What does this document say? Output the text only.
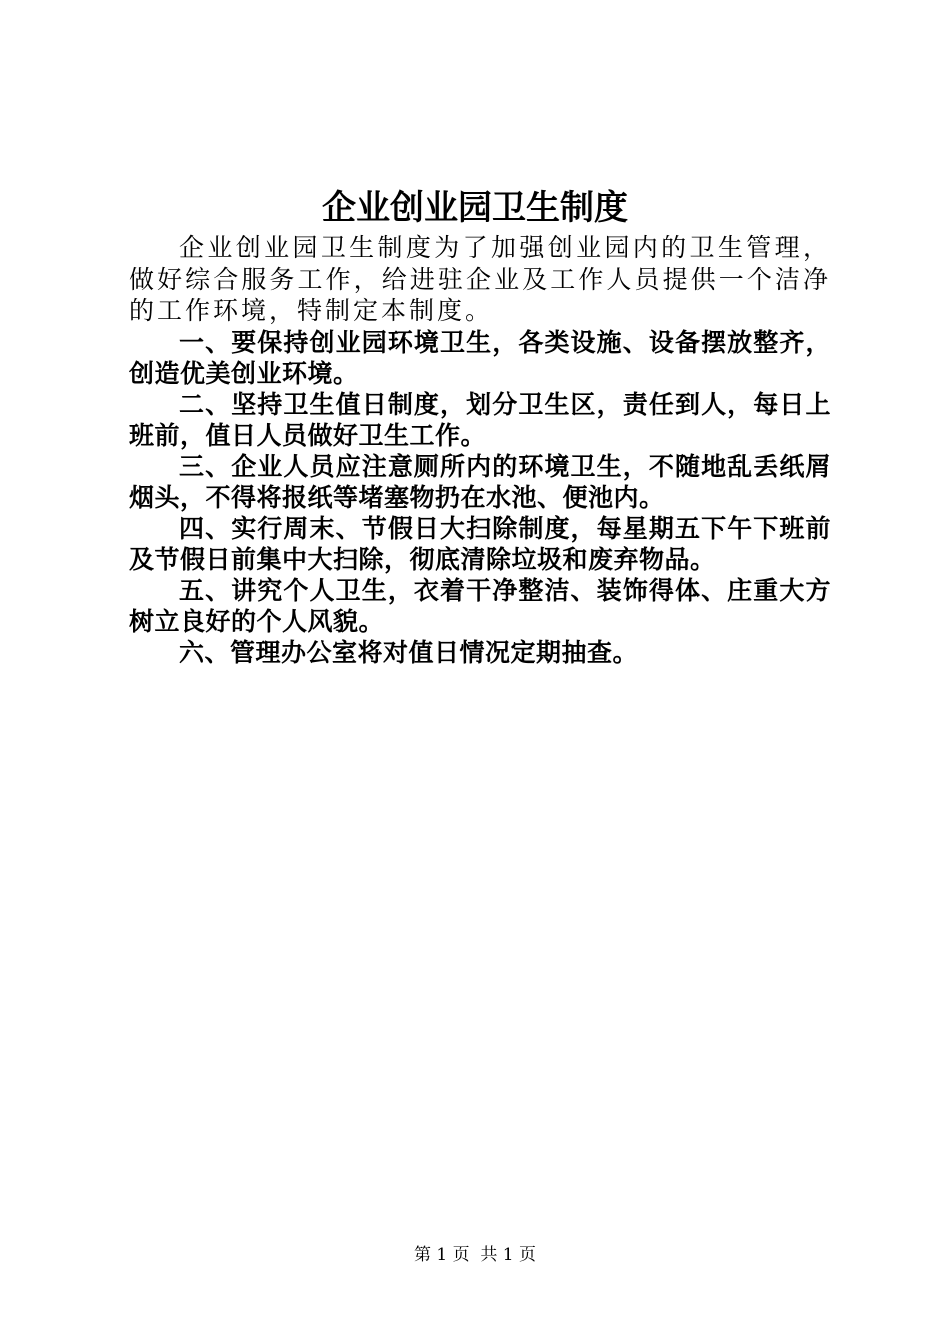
企业创业园卫生制度

企业创业园卫生制度为了加强创业园内的卫生管理，做好综合服务工作，给进驻企业及工作人员提供一个洁净的工作环境，特制定本制度。

一、要保持创业园环境卫生，各类设施、设备摆放整齐，创造优美创业环境。

二、坚持卫生值日制度，划分卫生区，责任到人，每日上班前，值日人员做好卫生工作。

三、企业人员应注意厕所内的环境卫生，不随地乱丢纸屑烟头，不得将报纸等堵塞物扔在水池、便池内。

四、实行周末、节假日大扫除制度，每星期五下午下班前及节假日前集中大扫除，彻底清除垃圾和废弃物品。

五、讲究个人卫生，衣着干净整洁、装饰得体、庄重大方树立良好的个人风貌。

六、管理办公室将对值日情况定期抽查。

第 1 页 共 1 页
